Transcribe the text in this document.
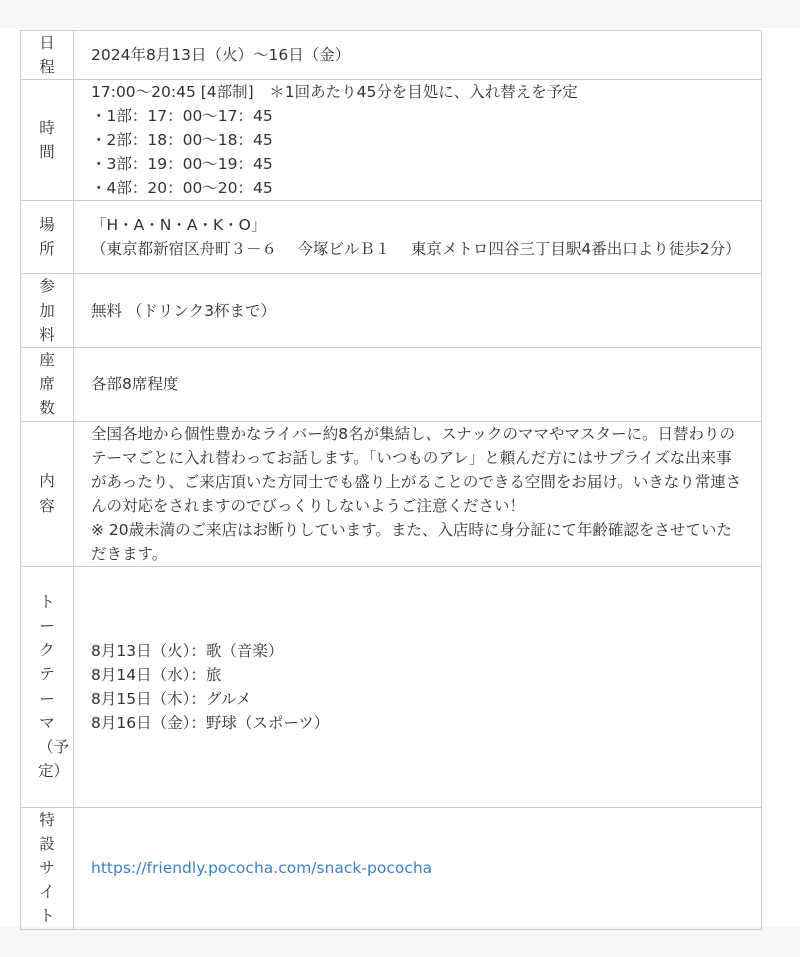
日程	2024年8月13日（火）〜16日（金）

時間	17:00〜20:45 [4部制]　＊1回あたり45分を目処に、入れ替えを予定
・1部：17：00〜17：45
・2部：18：00〜18：45
・3部：19：00〜19：45
・4部：20：00〜20：45

場所	「H・A・N・A・K・O」
（東京都新宿区舟町３－６　 今塚ビルＢ１　 東京メトロ四谷三丁目駅4番出口より徒歩2分）

参加料	無料 （ドリンク3杯まで）

座席数	各部8席程度

内容	全国各地から個性豊かなライバー約8名が集結し、スナックのママやマスターに。日替わりのテーマごとに入れ替わってお話します。「いつものアレ」と頼んだ方にはサプライズな出来事があったり、ご来店頂いた方同士でも盛り上がることのできる空間をお届け。いきなり常連さんの対応をされますのでびっくりしないようご注意ください！
※ 20歳未満のご来店はお断りしています。また、入店時に身分証にて年齢確認をさせていただきます。

トークテーマ（予定）	8月13日（火）：歌（音楽）
8月14日（水）：旅
8月15日（木）：グルメ
8月16日（金）：野球（スポーツ）

特設サイト	https://friendly.pococha.com/snack-pococha
